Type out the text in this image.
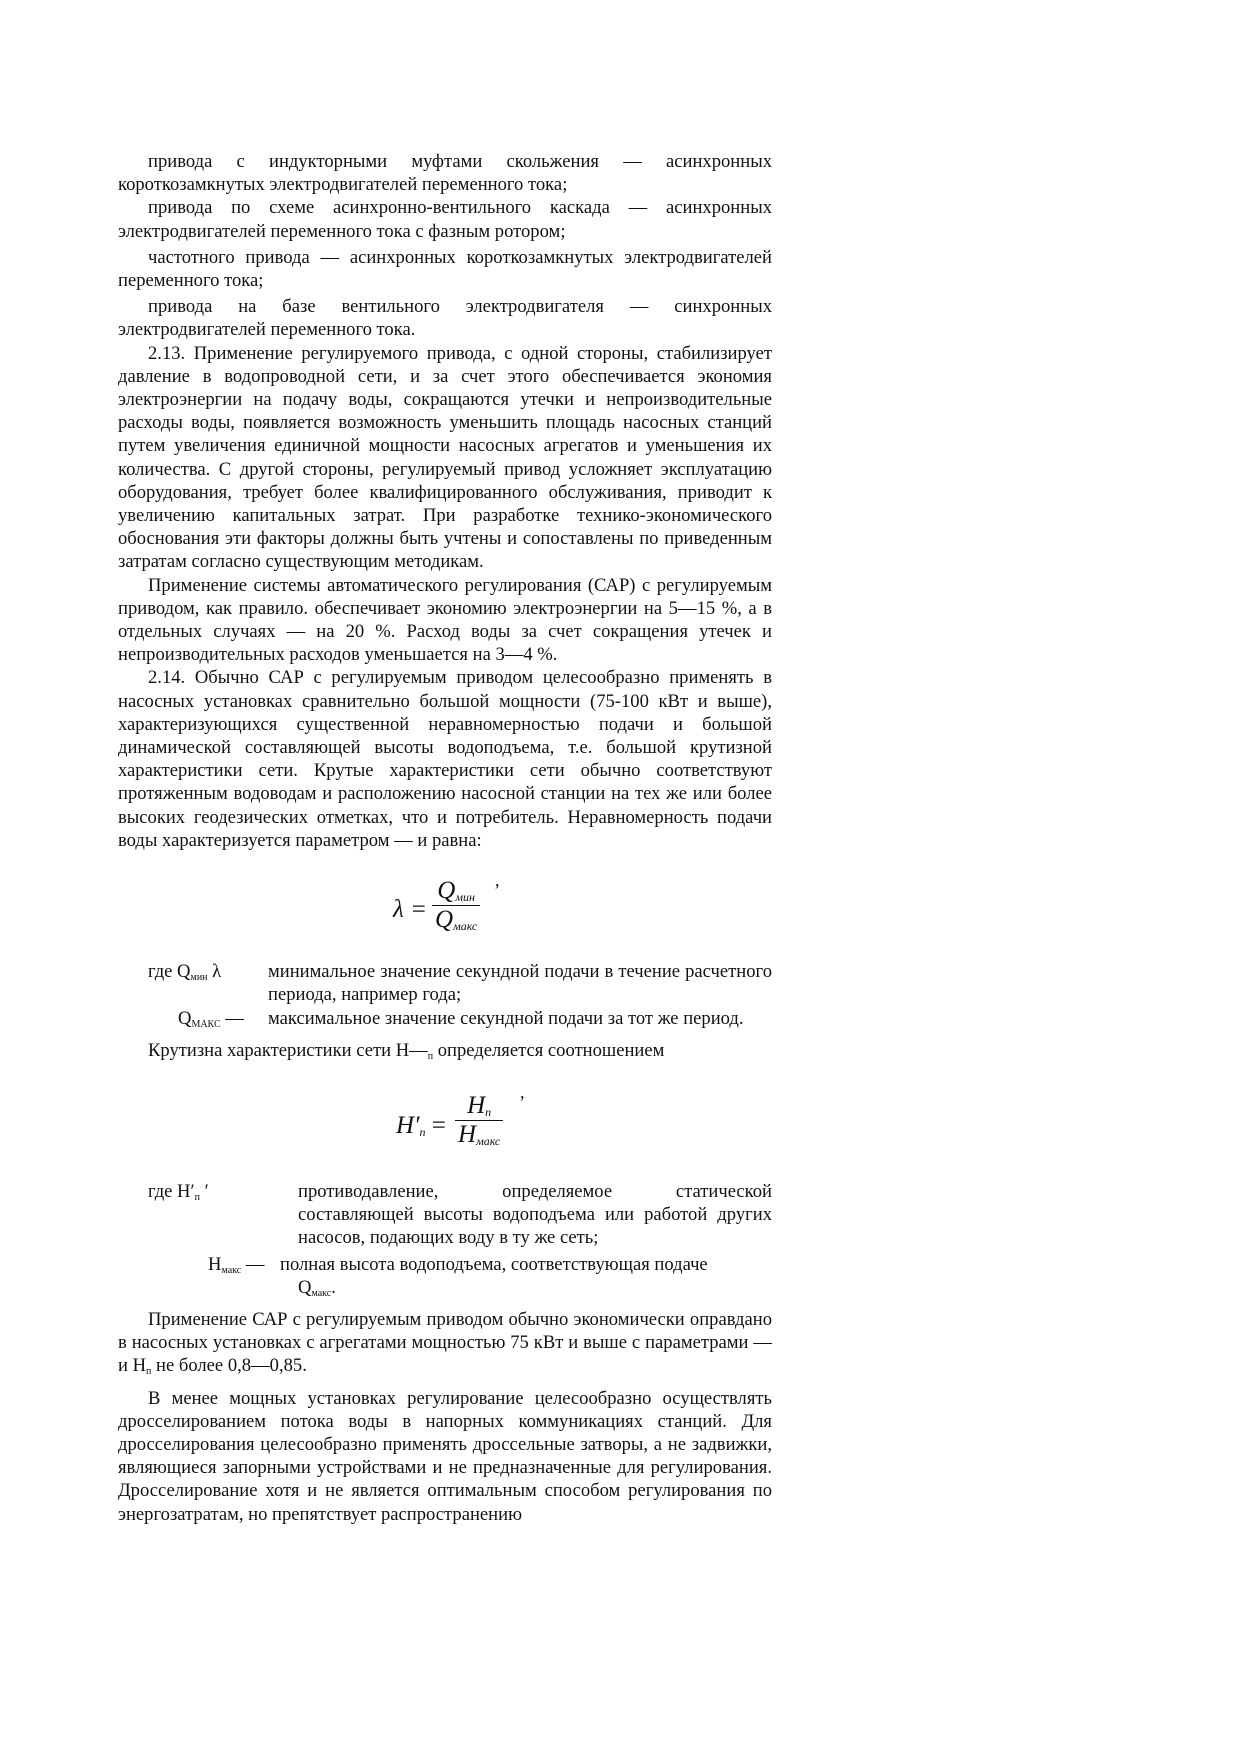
привода с индукторными муфтами скольжения — асинхронных короткозамкнутых электродвигателей переменного тока;

привода по схеме асинхронно-вентильного каскада — асинхронных электродвигателей переменного тока с фазным ротором;

частотного привода — асинхронных короткозамкнутых электродвигателей переменного тока;

привода на базе вентильного электродвигателя — синхронных электродвигателей переменного тока.

2.13. Применение регулируемого привода, с одной стороны, стабилизирует давление в водопроводной сети, и за счет этого обеспечивается экономия электроэнергии на подачу воды, сокращаются утечки и непроизводительные расходы воды, появляется возможность уменьшить площадь насосных станций путем увеличения единичной мощности насосных агрегатов и уменьшения их количества. С другой стороны, регулируемый привод усложняет эксплуатацию оборудования, требует более квалифицированного обслуживания, приводит к увеличению капитальных затрат. При разработке технико-экономического обоснования эти факторы должны быть учтены и сопоставлены по приведенным затратам согласно существующим методикам.

Применение системы автоматического регулирования (САР) с регулируемым приводом, как правило. обеспечивает экономию электроэнергии на 5—15 %, а в отдельных случаях — на 20 %. Расход воды за счет сокращения утечек и непроизводительных расходов уменьшается на 3—4 %.

2.14. Обычно САР с регулируемым приводом целесообразно применять в насосных установках сравнительно большой мощности (75-100 кВт и выше), характеризующихся существенной неравномерностью подачи и большой динамической составляющей высоты водоподъема, т.е. большой крутизной характеристики сети. Крутые характеристики сети обычно соответствуют протяженным водоводам и расположению насосной станции на тех же или более высоких геодезических отметках, что и потребитель. Неравномерность подачи воды характеризуется параметром — и равна:

,
λ =
$Q_{мин}$
$Q_{макс}$
где $Q_{мин}$ λ	минимальное значение секундной подачи в течение расчетного периода, например года;
$Q_{МАКС}$ —	максимальное значение секундной подачи за тот же период.

Крутизна характеристики сети $Н—_п$ определяется соотношением

,
$H'_n$ =
$H_n$
$H_{макс}$
где $Н'_п$ ′	противодавление, определяемое статической составляющей высоты водоподъема или работой других насосов, подающих воду в ту же сеть;
$Н_{макс}$ — полная высота водоподъема, соответствующая подаче
$Q_{макс}$.

Применение САР с регулируемым приводом обычно экономически оправдано в насосных установках с агрегатами мощностью 75 кВт и выше с параметрами — и $Н_п$ не более 0,8—0,85.

В менее мощных установках регулирование целесообразно осуществлять дросселированием потока воды в напорных коммуникациях станций. Для дросселирования целесообразно применять дроссельные затворы, а не задвижки, являющиеся запорными устройствами и не предназначенные для регулирования. Дросселирование хотя и не является оптимальным способом регулирования по энергозатратам, но препятствует распространению
